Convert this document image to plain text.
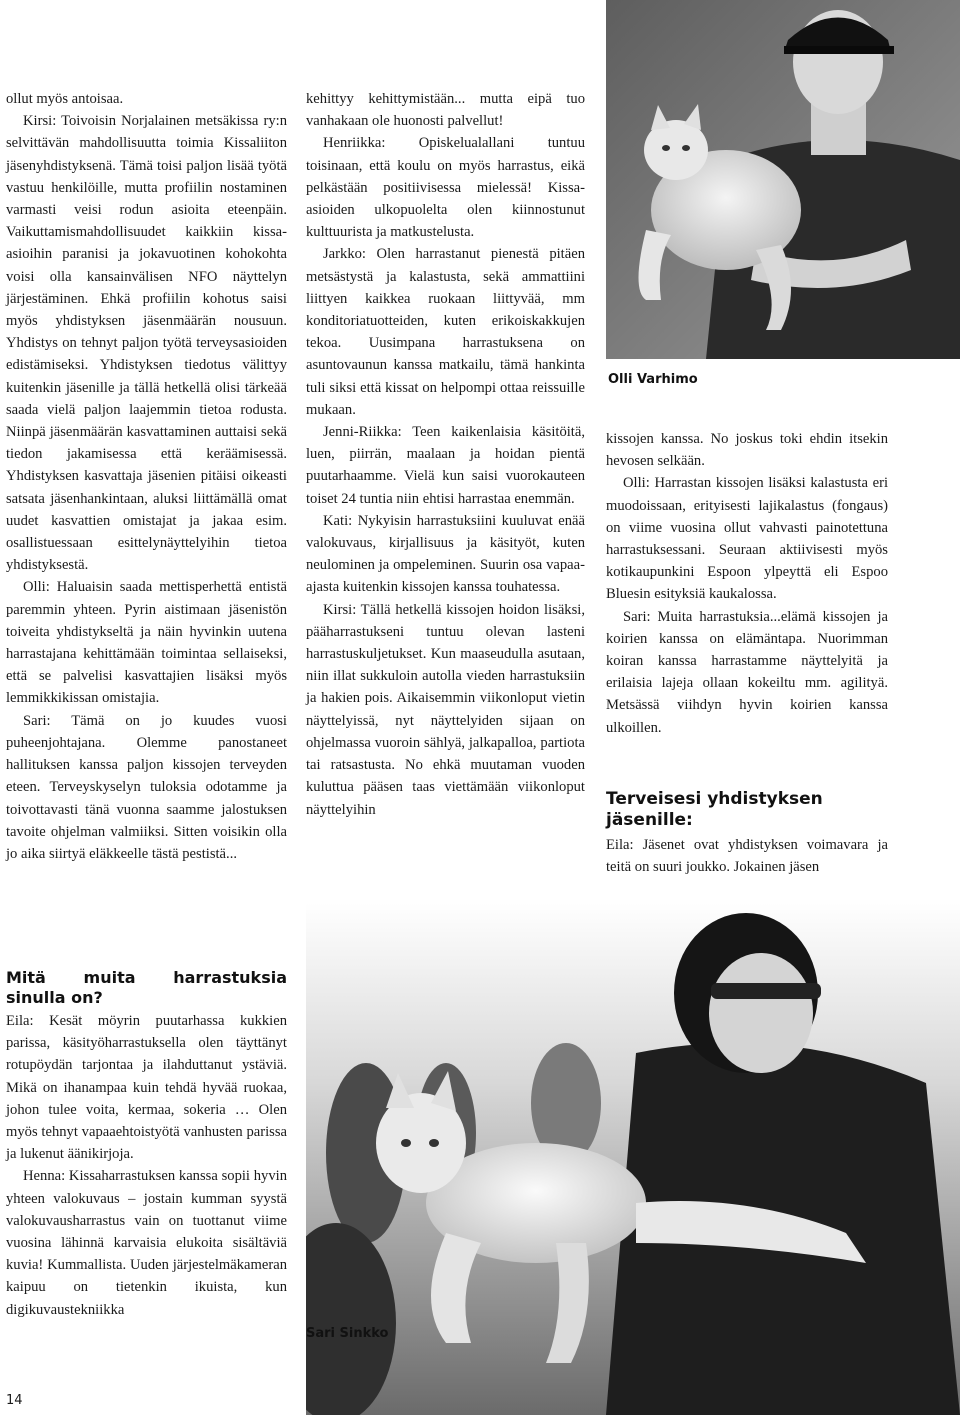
ollut myös antoisaa.

Kirsi: Toivoisin Norjalainen metsäkissa ry:n selvittävän mahdollisuutta toimia Kissaliiton jäsenyhdistyksenä. Tämä toisi paljon lisää työtä vastuu henkilöille, mutta profiilin nostaminen varmasti veisi rodun asioita eteenpäin. Vaikuttamismahdollisuudet kaikkiin kissa-asioihin paranisi ja jokavuotinen kohokohta voisi olla kansainvälisen NFO näyttelyn järjestäminen. Ehkä profiilin kohotus saisi myös yhdistyksen jäsenmäärän nousuun. Yhdistys on tehnyt paljon työtä terveysasioiden edistämiseksi. Yhdistyksen tiedotus välittyy kuitenkin jäsenille ja tällä hetkellä olisi tärkeää saada vielä paljon laajemmin tietoa rodusta. Niinpä jäsenmäärän kasvattaminen auttaisi sekä tiedon jakamisessa että keräämisessä. Yhdistyksen kasvattaja jäsenien pitäisi oikeasti satsata jäsenhankintaan, aluksi liittämällä omat uudet kasvattien omistajat ja jakaa esim. osallistuessaan esittelynäyttelyihin tietoa yhdistyksestä.

Olli: Haluaisin saada mettisperhettä entistä paremmin yhteen. Pyrin aistimaan jäsenistön toiveita yhdistykseltä ja näin hyvinkin uutena harrastajana kehittämään toimintaa sellaiseksi, että se palvelisi kasvattajien lisäksi myös lemmikkikissan omistajia.

Sari: Tämä on jo kuudes vuosi puheenjohtajana. Olemme panostaneet hallituksen kanssa paljon kissojen terveyden eteen. Terveyskyselyn tuloksia odotamme ja toivottavasti tänä vuonna saamme jalostuksen tavoite ohjelman valmiiksi. Sitten voisikin olla jo aika siirtyä eläkkeelle tästä pestistä...

Mitä muita harrastuksia sinulla on?

Eila: Kesät möyrin puutarhassa kukkien parissa, käsityöharrastuksella olen täyttänyt rotupöydän tarjontaa ja ilahduttanut ystäviä. Mikä on ihanampaa kuin tehdä hyvää ruokaa, johon tulee voita, kermaa, sokeria … Olen myös tehnyt vapaaehtoistyötä vanhusten parissa ja lukenut äänikirjoja.

Henna: Kissaharrastuksen kanssa sopii hyvin yhteen valokuvaus – jostain kumman syystä valokuvausharrastus vain on tuottanut viime vuosina lähinnä karvaisia elukoita sisältäviä kuvia! Kummallista. Uuden järjestelmäkameran kaipuu on tietenkin ikuista, kun digikuvaustekniikka

kehittyy kehittymistään... mutta eipä tuo vanhakaan ole huonosti palvellut!

Henriikka: Opiskelualallani tuntuu toisinaan, että koulu on myös harrastus, eikä pelkästään positiivisessa mielessä! Kissa-asioiden ulkopuolelta olen kiinnostunut kulttuurista ja matkustelusta.

Jarkko: Olen harrastanut pienestä pitäen metsästystä ja kalastusta, sekä ammattiini liittyen kaikkea ruokaan liittyvää, mm konditoriatuotteiden, kuten erikoiskakkujen tekoa. Uusimpana harrastuksena on asuntovaunun kanssa matkailu, tämä hankinta tuli siksi että kissat on helpompi ottaa reissuille mukaan.

Jenni-Riikka: Teen kaikenlaisia käsitöitä, luen, piirrän, maalaan ja hoidan pientä puutarhaamme. Vielä kun saisi vuorokauteen toiset 24 tuntia niin ehtisi harrastaa enemmän.

Kati: Nykyisin harrastuksiini kuuluvat enää valokuvaus, kirjallisuus ja käsityöt, kuten neulominen ja ompeleminen. Suurin osa vapaa-ajasta kuitenkin kissojen kanssa touhatessa.

Kirsi: Tällä hetkellä kissojen hoidon lisäksi, pääharrastukseni tuntuu olevan lasteni harrastuskuljetukset. Kun maaseudulla asutaan, niin illat sukkuloin autolla vieden harrastuksiin ja hakien pois. Aikaisemmin viikonloput vietin näyttelyissä, nyt näyttelyiden sijaan on ohjelmassa vuoroin sählyä, jalkapalloa, partiota tai ratsastusta. No ehkä muutaman vuoden kuluttua pääsen taas viettämään viikonloput näyttelyihin

Olli Varhimo

kissojen kanssa. No joskus toki ehdin itsekin hevosen selkään.

Olli: Harrastan kissojen lisäksi kalastusta eri muodoissaan, erityisesti lajikalastus (fongaus) on viime vuosina ollut vahvasti painotettuna harrastuksessani. Seuraan aktiivisesti myös kotikaupunkini Espoon ylpeyttä eli Espoo Bluesin esityksiä kaukalossa.

Sari: Muita harrastuksia...elämä kissojen ja koirien kanssa on elämäntapa. Nuorimman koiran kanssa harrastamme näyttelyitä ja erilaisia lajeja ollaan kokeiltu mm. agilityä. Metsässä viihdyn hyvin koirien kanssa ulkoillen.

Terveisesi yhdistyksen jäsenille:

Eila: Jäsenet ovat yhdistyksen voimavara ja teitä on suuri joukko. Jokainen jäsen

Sari Sinkko
14
